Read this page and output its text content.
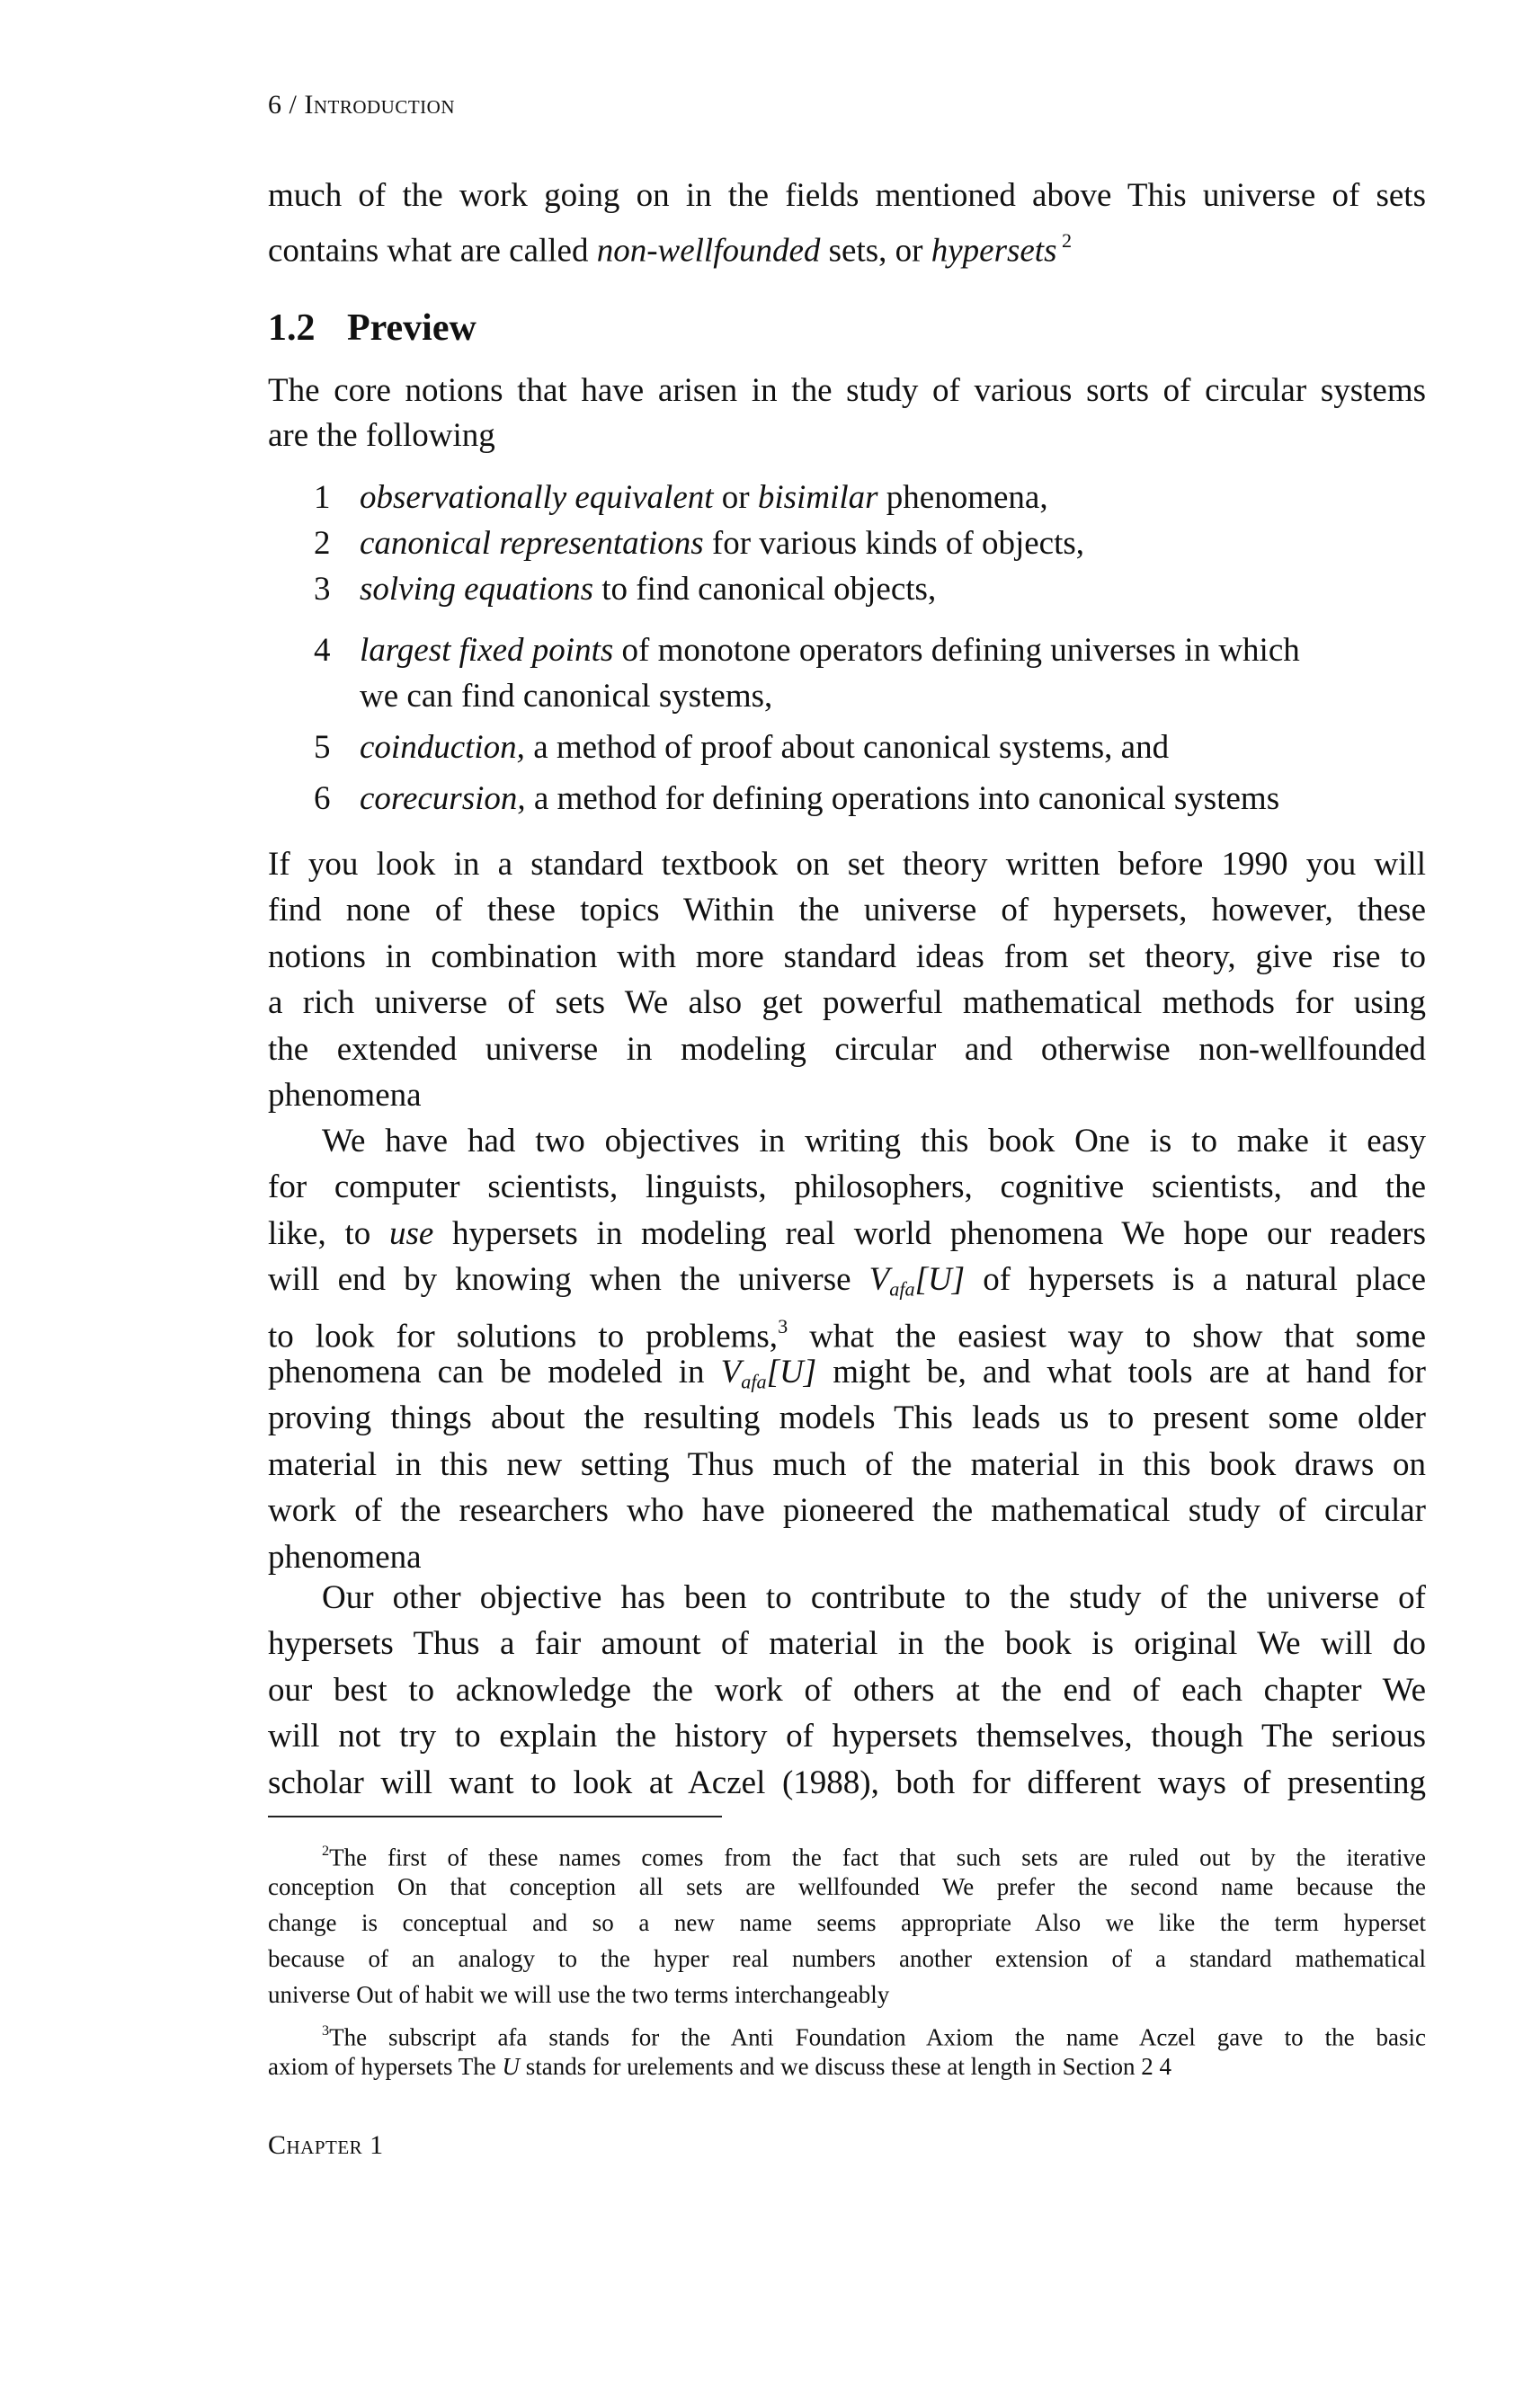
6 / Introduction
1.2 Preview
much of the work going on in the fields mentioned above This universe of sets
contains what are called non-wellfounded sets, or hypersets $^2$
The core notions that have arisen in the study of various sorts of circular systems
are the following
1 observationally equivalent or bisimilar phenomena,
2 canonical representations for various kinds of objects,
3 solving equations to find canonical objects,
4 largest fixed points of monotone operators defining universes in which
we can find canonical systems,
5 coinduction, a method of proof about canonical systems, and
6 corecursion, a method for defining operations into canonical systems
If you look in a standard textbook on set theory written before 1990 you will
find none of these topics Within the universe of hypersets, however, these
notions in combination with more standard ideas from set theory, give rise to
a rich universe of sets We also get powerful mathematical methods for using
the extended universe in modeling circular and otherwise non-wellfounded
phenomena
We have had two objectives in writing this book One is to make it easy
for computer scientists, linguists, philosophers, cognitive scientists, and the
like, to use hypersets in modeling real world phenomena We hope our readers
will end by knowing when the universe $V_{afa}[U]$ of hypersets is a natural place
to look for solutions to problems,$^3$ what the easiest way to show that some
phenomena can be modeled in $V_{afa}[U]$ might be, and what tools are at hand for
proving things about the resulting models This leads us to present some older
material in this new setting Thus much of the material in this book draws on
work of the researchers who have pioneered the mathematical study of circular
phenomena
Our other objective has been to contribute to the study of the universe of
hypersets Thus a fair amount of material in the book is original We will do
our best to acknowledge the work of others at the end of each chapter We
will not try to explain the history of hypersets themselves, though The serious
scholar will want to look at Aczel (1988), both for different ways of presenting
$^2$The first of these names comes from the fact that such sets are ruled out by the iterative
conception On that conception all sets are wellfounded We prefer the second name because the
change is conceptual and so a new name seems appropriate Also we like the term hyperset
because of an analogy to the hyper real numbers another extension of a standard mathematical
universe Out of habit we will use the two terms interchangeably
$^3$The subscript afa stands for the Anti Foundation Axiom the name Aczel gave to the basic
axiom of hypersets The U stands for urelements and we discuss these at length in Section 2 4
Chapter 1
